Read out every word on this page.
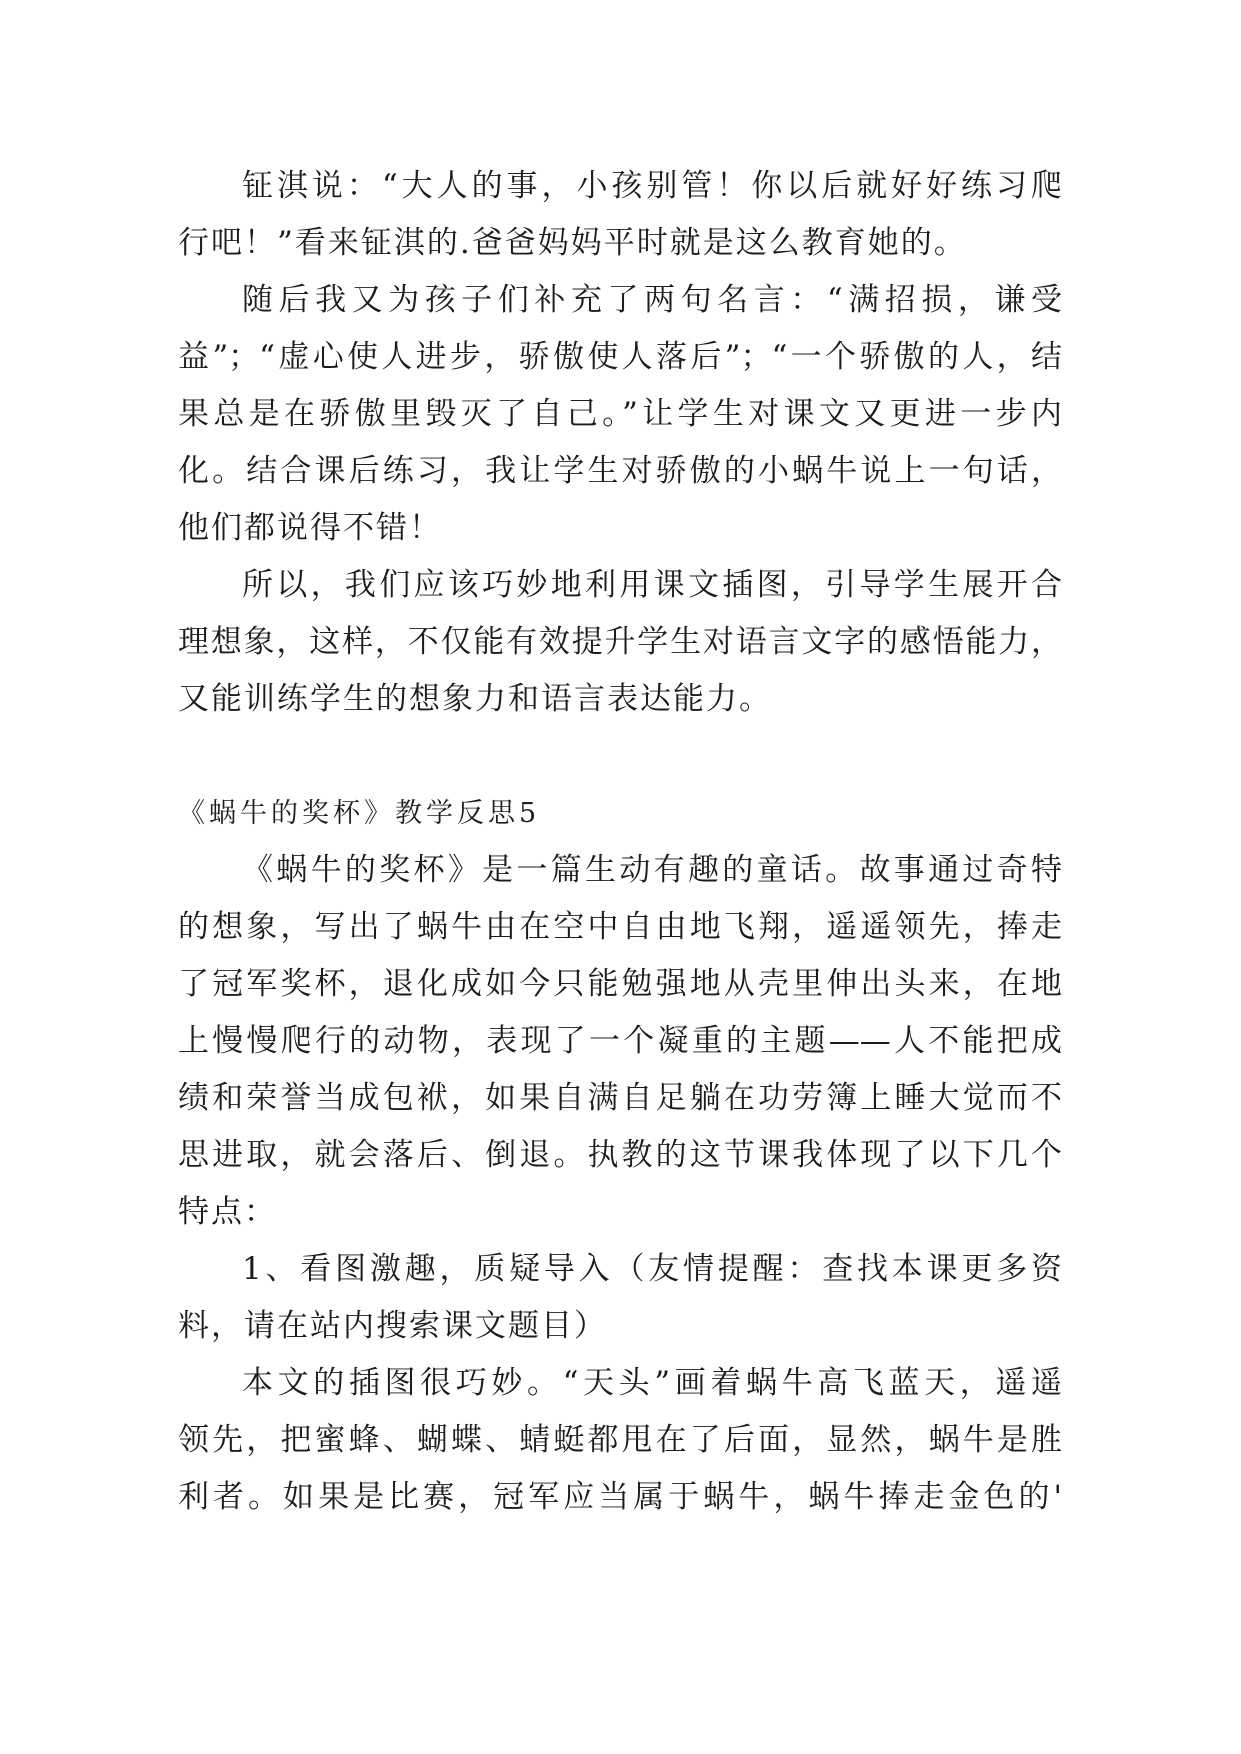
钲淇说：“大人的事，小孩别管！你以后就好好练习爬
行吧！”看来钲淇的.爸爸妈妈平时就是这么教育她的。
随后我又为孩子们补充了两句名言：“满招损，谦受
益”；“虚心使人进步，骄傲使人落后”；“一个骄傲的人，结
果总是在骄傲里毁灭了自己。”让学生对课文又更进一步内
化。结合课后练习，我让学生对骄傲的小蜗牛说上一句话，
他们都说得不错！
所以，我们应该巧妙地利用课文插图，引导学生展开合
理想象，这样，不仅能有效提升学生对语言文字的感悟能力，
又能训练学生的想象力和语言表达能力。
《蜗牛的奖杯》教学反思5
《蜗牛的奖杯》是一篇生动有趣的童话。故事通过奇特
的想象，写出了蜗牛由在空中自由地飞翔，遥遥领先，捧走
了冠军奖杯，退化成如今只能勉强地从壳里伸出头来，在地
上慢慢爬行的动物，表现了一个凝重的主题——人不能把成
绩和荣誉当成包袱，如果自满自足躺在功劳簿上睡大觉而不
思进取，就会落后、倒退。执教的这节课我体现了以下几个
特点：
1、看图激趣，质疑导入（友情提醒：查找本课更多资
料，请在站内搜索课文题目）
本文的插图很巧妙。“天头”画着蜗牛高飞蓝天，遥遥
领先，把蜜蜂、蝴蝶、蜻蜓都甩在了后面，显然，蜗牛是胜
利者。如果是比赛，冠军应当属于蜗牛，蜗牛捧走金色的'
